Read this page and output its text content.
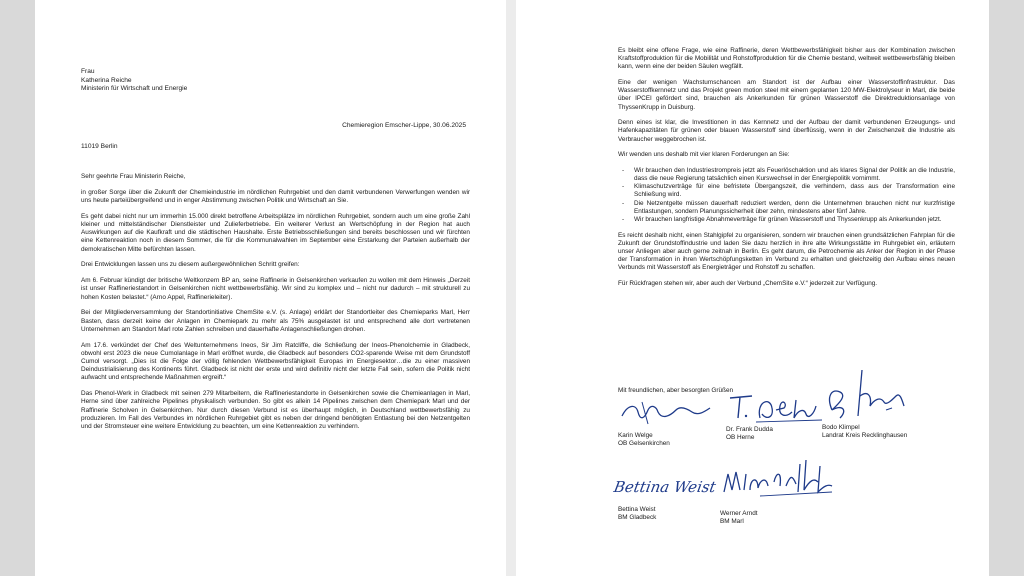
Frau
Katherina Reiche
Ministerin für Wirtschaft und Energie
11019 Berlin
Chemieregion Emscher-Lippe, 30.06.2025

Sehr geehrte Frau Ministerin Reiche,

in großer Sorge über die Zukunft der Chemieindustrie im nördlichen Ruhrgebiet und den damit verbundenen Verwerfungen wenden wir uns heute parteiübergreifend und in enger Abstimmung zwischen Politik und Wirtschaft an Sie.

Es geht dabei nicht nur um immerhin 15.000 direkt betroffene Arbeitsplätze im nördlichen Ruhrgebiet, sondern auch um eine große Zahl kleiner und mittelständischer Dienstleister und Zulieferbetriebe. Ein weiterer Verlust an Wertschöpfung in der Region hat auch Auswirkungen auf die Kaufkraft und die städtischen Haushalte. Erste Betriebsschließungen sind bereits beschlossen und wir fürchten eine Kettenreaktion noch in diesem Sommer, die für die Kommunalwahlen im September eine Erstarkung der Parteien außerhalb der demokratischen Mitte befürchten lassen.

Drei Entwicklungen lassen uns zu diesem außergewöhnlichen Schritt greifen:

Am 6. Februar kündigt der britische Weltkonzern BP an, seine Raffinerie in Gelsenkirchen verkaufen zu wollen mit dem Hinweis „Derzeit ist unser Raffineriestandort in Gelsenkirchen nicht wettbewerbsfähig. Wir sind zu komplex und – nicht nur dadurch – mit strukturell zu hohen Kosten belastet.“ (Arno Appel, Raffinerieleiter).

Bei der Mitgliederversammlung der Standortinitiative ChemSite e.V. (s. Anlage) erklärt der Standortleiter des Chemieparks Marl, Herr Basten, dass derzeit keine der Anlagen im Chemiepark zu mehr als 75% ausgelastet ist und entsprechend alle dort vertretenen Unternehmen am Standort Marl rote Zahlen schreiben und dauerhafte Anlagenschließungen drohen.

Am 17.6. verkündet der Chef des Weltunternehmens Ineos, Sir Jim Ratcliffe, die Schließung der Ineos-Phenolchemie in Gladbeck, obwohl erst 2023 die neue Cumolanlage in Marl eröffnet wurde, die Gladbeck auf besonders CO2-sparende Weise mit dem Grundstoff Cumol versorgt. „Dies ist die Folge der völlig fehlenden Wettbewerbsfähigkeit Europas im Energiesektor…die zu einer massiven Deindustrialisierung des Kontinents führt. Gladbeck ist nicht der erste und wird definitiv nicht der letzte Fall sein, sofern die Politik nicht aufwacht und entsprechende Maßnahmen ergreift.“

Das Phenol-Werk in Gladbeck mit seinen 279 Mitarbeitern, die Raffineriestandorte in Gelsenkirchen sowie die Chemieanlagen in Marl, Herne sind über zahlreiche Pipelines physikalisch verbunden. So gibt es allein 14 Pipelines zwischen dem Chemiepark Marl und der Raffinerie Scholven in Gelsenkirchen. Nur durch diesen Verbund ist es überhaupt möglich, in Deutschland wettbewerbsfähig zu produzieren. Im Fall des Verbundes im nördlichen Ruhrgebiet gibt es neben der dringend benötigten Entlastung bei den Netzentgelten und der Stromsteuer eine weitere Entwicklung zu beachten, um eine Kettenreaktion zu verhindern.

Es bleibt eine offene Frage, wie eine Raffinerie, deren Wettbewerbsfähigkeit bisher aus der Kombination zwischen Kraftstoffproduktion für die Mobilität und Rohstoffproduktion für die Chemie bestand, weltweit wettbewerbsfähig bleiben kann, wenn eine der beiden Säulen wegfällt.

Eine der wenigen Wachstumschancen am Standort ist der Aufbau einer Wasserstoffinfrastruktur. Das Wasserstoffkernnetz und das Projekt green motion steel mit einem geplanten 120 MW-Elektrolyseur in Marl, die beide über IPCEI gefördert sind, brauchen als Ankerkunden für grünen Wasserstoff die Direktreduktionsanlage von ThyssenKrupp in Duisburg.

Denn eines ist klar, die Investitionen in das Kernnetz und der Aufbau der damit verbundenen Erzeugungs- und Hafenkapazitäten für grünen oder blauen Wasserstoff sind überflüssig, wenn in der Zwischenzeit die Industrie als Verbraucher weggebrochen ist.

Wir wenden uns deshalb mit vier klaren Forderungen an Sie:

- Wir brauchen den Industriestrompreis jetzt als Feuerlöschaktion und als klares Signal der Politik an die Industrie, dass die neue Regierung tatsächlich einen Kurswechsel in der Energiepolitik vornimmt.
- Klimaschutzverträge für eine befristete Übergangszeit, die verhindern, dass aus der Transformation eine Schließung wird.
- Die Netzentgelte müssen dauerhaft reduziert werden, denn die Unternehmen brauchen nicht nur kurzfristige Entlastungen, sondern Planungssicherheit über zehn, mindestens aber fünf Jahre.
- Wir brauchen langfristige Abnahmeverträge für grünen Wasserstoff und Thyssenkrupp als Ankerkunden jetzt.

Es reicht deshalb nicht, einen Stahlgipfel zu organisieren, sondern wir brauchen einen grundsätzlichen Fahrplan für die Zukunft der Grundstoffindustrie und laden Sie dazu herzlich in ihre alte Wirkungsstätte im Ruhrgebiet ein, erläutern unser Anliegen aber auch gerne zeitnah in Berlin. Es geht darum, die Petrochemie als Anker der Region in der Phase der Transformation in ihren Wertschöpfungsketten im Verbund zu erhalten und gleichzeitig den Aufbau eines neuen Verbunds mit Wasserstoff als Energieträger und Rohstoff zu schaffen.

Für Rückfragen stehen wir, aber auch der Verbund „ChemSite e.V.“ jederzeit zur Verfügung.

Mit freundlichen, aber besorgten Grüßen
Karin Welge
OB Gelsenkirchen
Dr. Frank Dudda
OB Herne
Bodo Klimpel
Landrat Kreis Recklinghausen
Bettina Weist
Bettina Weist
BM Gladbeck
Werner Arndt
BM Marl
